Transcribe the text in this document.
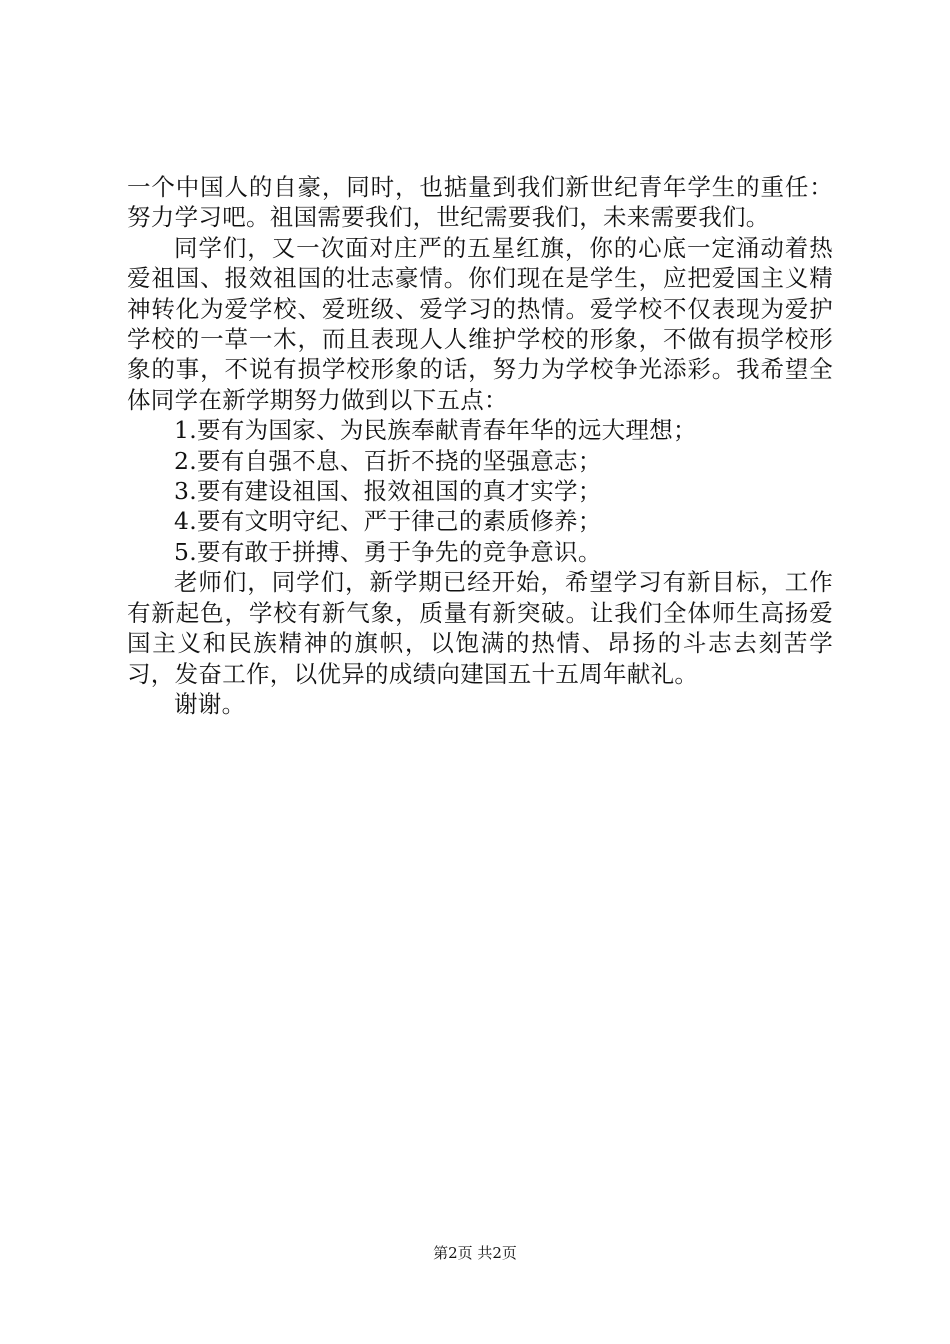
一个中国人的自豪，同时，也掂量到我们新世纪青年学生的重任：努力学习吧。祖国需要我们，世纪需要我们，未来需要我们。

同学们，又一次面对庄严的五星红旗，你的心底一定涌动着热爱祖国、报效祖国的壮志豪情。你们现在是学生，应把爱国主义精神转化为爱学校、爱班级、爱学习的热情。爱学校不仅表现为爱护学校的一草一木，而且表现人人维护学校的形象，不做有损学校形象的事，不说有损学校形象的话，努力为学校争光添彩。我希望全体同学在新学期努力做到以下五点：

1.要有为国家、为民族奉献青春年华的远大理想；

2.要有自强不息、百折不挠的坚强意志；

3.要有建设祖国、报效祖国的真才实学；

4.要有文明守纪、严于律己的素质修养；

5.要有敢于拼搏、勇于争先的竞争意识。

老师们，同学们，新学期已经开始，希望学习有新目标，工作有新起色，学校有新气象，质量有新突破。让我们全体师生高扬爱国主义和民族精神的旗帜，以饱满的热情、昂扬的斗志去刻苦学习，发奋工作，以优异的成绩向建国五十五周年献礼。

谢谢。

第2页 共2页
